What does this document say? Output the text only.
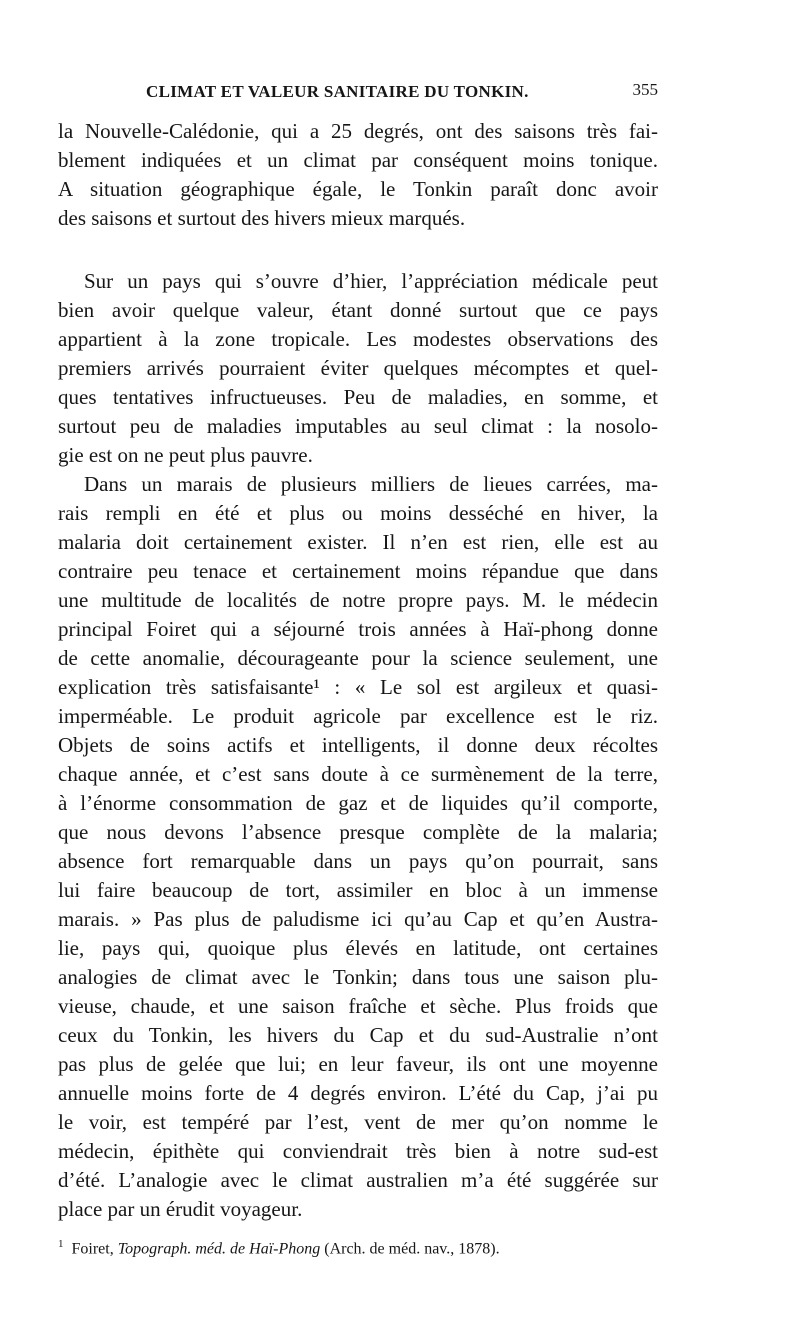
CLIMAT ET VALEUR SANITAIRE DU TONKIN.	355
la Nouvelle-Calédonie, qui a 25 degrés, ont des saisons très fai-
blement indiquées et un climat par conséquent moins tonique.
A situation géographique égale, le Tonkin paraît donc avoir
des saisons et surtout des hivers mieux marqués.
Sur un pays qui s’ouvre d’hier, l’appréciation médicale peut
bien avoir quelque valeur, étant donné surtout que ce pays
appartient à la zone tropicale. Les modestes observations des
premiers arrivés pourraient éviter quelques mécomptes et quel-
ques tentatives infructueuses. Peu de maladies, en somme, et
surtout peu de maladies imputables au seul climat : la nosolo-
gie est on ne peut plus pauvre.
Dans un marais de plusieurs milliers de lieues carrées, ma-
rais rempli en été et plus ou moins desséché en hiver, la
malaria doit certainement exister. Il n’en est rien, elle est au
contraire peu tenace et certainement moins répandue que dans
une multitude de localités de notre propre pays. M. le médecin
principal Foiret qui a séjourné trois années à Haï-phong donne
de cette anomalie, décourageante pour la science seulement, une
explication très satisfaisante¹ : « Le sol est argileux et quasi-
imperméable. Le produit agricole par excellence est le riz.
Objets de soins actifs et intelligents, il donne deux récoltes
chaque année, et c’est sans doute à ce surmènement de la terre,
à l’énorme consommation de gaz et de liquides qu’il comporte,
que nous devons l’absence presque complète de la malaria;
absence fort remarquable dans un pays qu’on pourrait, sans
lui faire beaucoup de tort, assimiler en bloc à un immense
marais. » Pas plus de paludisme ici qu’au Cap et qu’en Austra-
lie, pays qui, quoique plus élevés en latitude, ont certaines
analogies de climat avec le Tonkin; dans tous une saison plu-
vieuse, chaude, et une saison fraîche et sèche. Plus froids que
ceux du Tonkin, les hivers du Cap et du sud-Australie n’ont
pas plus de gelée que lui; en leur faveur, ils ont une moyenne
annuelle moins forte de 4 degrés environ. L’été du Cap, j’ai pu
le voir, est tempéré par l’est, vent de mer qu’on nomme le
médecin, épithète qui conviendrait très bien à notre sud-est
d’été. L’analogie avec le climat australien m’a été suggérée sur
place par un érudit voyageur.
$^1$ Foiret, Topograph. méd. de Haï-Phong (Arch. de méd. nav., 1878).
